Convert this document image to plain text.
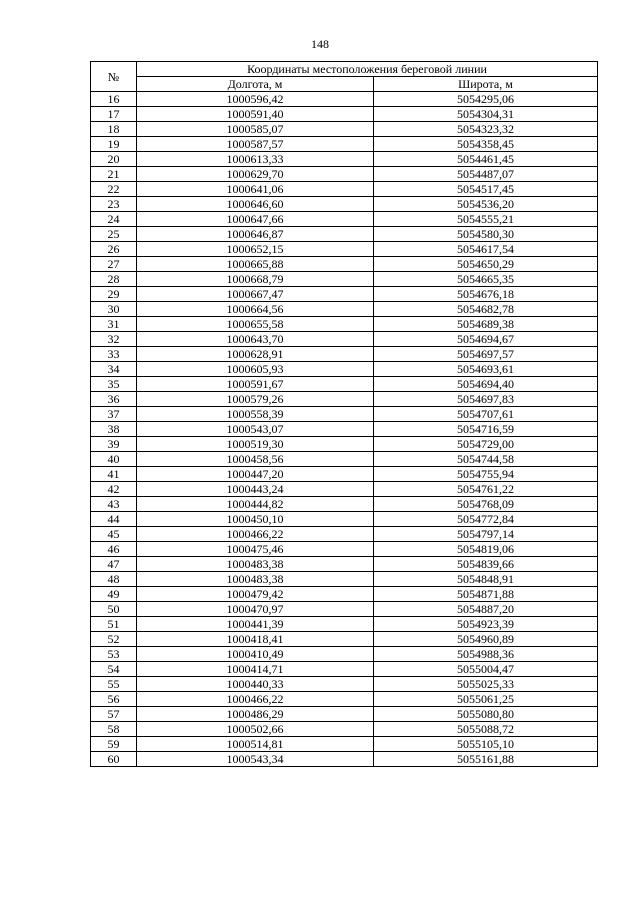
148
№	Координаты местоположения береговой линии	
	Долгота, м	Широта, м
16	1000596,42	5054295,06
17	1000591,40	5054304,31
18	1000585,07	5054323,32
19	1000587,57	5054358,45
20	1000613,33	5054461,45
21	1000629,70	5054487,07
22	1000641,06	5054517,45
23	1000646,60	5054536,20
24	1000647,66	5054555,21
25	1000646,87	5054580,30
26	1000652,15	5054617,54
27	1000665,88	5054650,29
28	1000668,79	5054665,35
29	1000667,47	5054676,18
30	1000664,56	5054682,78
31	1000655,58	5054689,38
32	1000643,70	5054694,67
33	1000628,91	5054697,57
34	1000605,93	5054693,61
35	1000591,67	5054694,40
36	1000579,26	5054697,83
37	1000558,39	5054707,61
38	1000543,07	5054716,59
39	1000519,30	5054729,00
40	1000458,56	5054744,58
41	1000447,20	5054755,94
42	1000443,24	5054761,22
43	1000444,82	5054768,09
44	1000450,10	5054772,84
45	1000466,22	5054797,14
46	1000475,46	5054819,06
47	1000483,38	5054839,66
48	1000483,38	5054848,91
49	1000479,42	5054871,88
50	1000470,97	5054887,20
51	1000441,39	5054923,39
52	1000418,41	5054960,89
53	1000410,49	5054988,36
54	1000414,71	5055004,47
55	1000440,33	5055025,33
56	1000466,22	5055061,25
57	1000486,29	5055080,80
58	1000502,66	5055088,72
59	1000514,81	5055105,10
60	1000543,34	5055161,88
